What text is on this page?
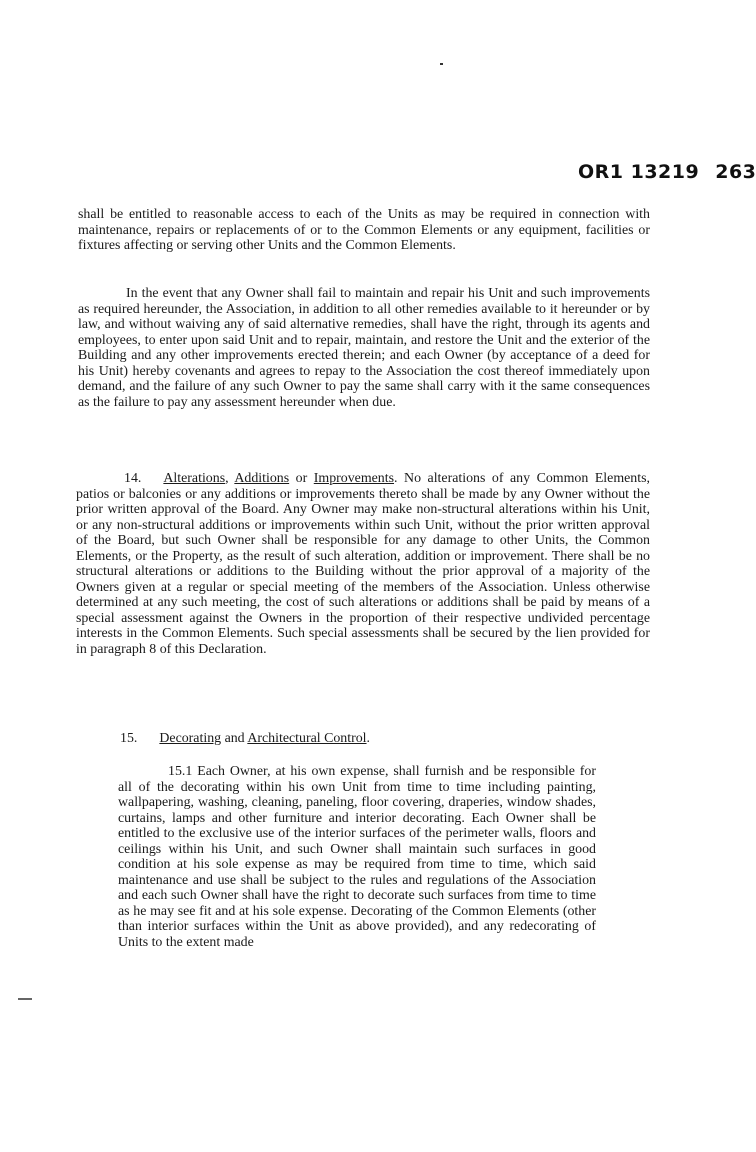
OR1 13219 263

shall be entitled to reasonable access to each of the Units as may be required in connection with maintenance, repairs or replacements of or to the Common Elements or any equipment, facilities or fixtures affecting or serving other Units and the Common Elements.

In the event that any Owner shall fail to maintain and repair his Unit and such improvements as required hereunder, the Association, in addition to all other remedies available to it hereunder or by law, and without waiving any of said alternative remedies, shall have the right, through its agents and employees, to enter upon said Unit and to repair, maintain, and restore the Unit and the exterior of the Building and any other improvements erected therein; and each Owner (by acceptance of a deed for his Unit) hereby covenants and agrees to repay to the Association the cost thereof immediately upon demand, and the failure of any such Owner to pay the same shall carry with it the same consequences as the failure to pay any assessment hereunder when due.

14. Alterations, Additions or Improvements. No alterations of any Common Elements, patios or balconies or any additions or improvements thereto shall be made by any Owner without the prior written approval of the Board. Any Owner may make non-structural alterations within his Unit, or any non-structural additions or improvements within such Unit, without the prior written approval of the Board, but such Owner shall be responsible for any damage to other Units, the Common Elements, or the Property, as the result of such alteration, addition or improvement. There shall be no structural alterations or additions to the Building without the prior approval of a majority of the Owners given at a regular or special meeting of the members of the Association. Unless otherwise determined at any such meeting, the cost of such alterations or additions shall be paid by means of a special assessment against the Owners in the proportion of their respective undivided percentage interests in the Common Elements. Such special assessments shall be secured by the lien provided for in paragraph 8 of this Declaration.

15. Decorating and Architectural Control.

15.1 Each Owner, at his own expense, shall furnish and be responsible for all of the decorating within his own Unit from time to time including painting, wallpapering, washing, cleaning, paneling, floor covering, draperies, window shades, curtains, lamps and other furniture and interior decorating. Each Owner shall be entitled to the exclusive use of the interior surfaces of the perimeter walls, floors and ceilings within his Unit, and such Owner shall maintain such surfaces in good condition at his sole expense as may be required from time to time, which said maintenance and use shall be subject to the rules and regulations of the Association and each such Owner shall have the right to decorate such surfaces from time to time as he may see fit and at his sole expense. Decorating of the Common Elements (other than interior surfaces within the Unit as above provided), and any redecorating of Units to the extent made
